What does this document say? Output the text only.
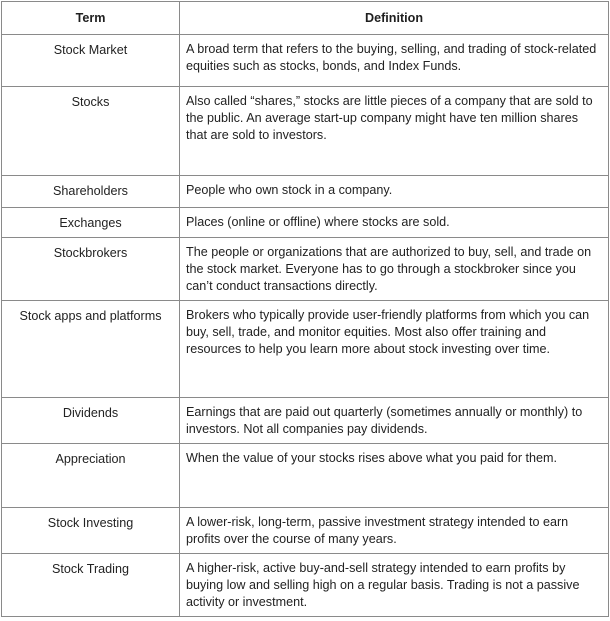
Term	Definition
Stock Market	A broad term that refers to the buying, selling, and trading of stock-related equities such as stocks, bonds, and Index Funds.
Stocks	Also called “shares,” stocks are little pieces of a company that are sold to the public. An average start-up company might have ten million shares that are sold to investors.
Shareholders	People who own stock in a company.
Exchanges	Places (online or offline) where stocks are sold.
Stockbrokers	The people or organizations that are authorized to buy, sell, and trade on the stock market. Everyone has to go through a stockbroker since you can’t conduct transactions directly.
Stock apps and platforms	Brokers who typically provide user-friendly platforms from which you can buy, sell, trade, and monitor equities. Most also offer training and resources to help you learn more about stock investing over time.
Dividends	Earnings that are paid out quarterly (sometimes annually or monthly) to investors. Not all companies pay dividends.
Appreciation	When the value of your stocks rises above what you paid for them.
Stock Investing	A lower-risk, long-term, passive investment strategy intended to earn profits over the course of many years.
Stock Trading	A higher-risk, active buy-and-sell strategy intended to earn profits by buying low and selling high on a regular basis. Trading is not a passive activity or investment.
